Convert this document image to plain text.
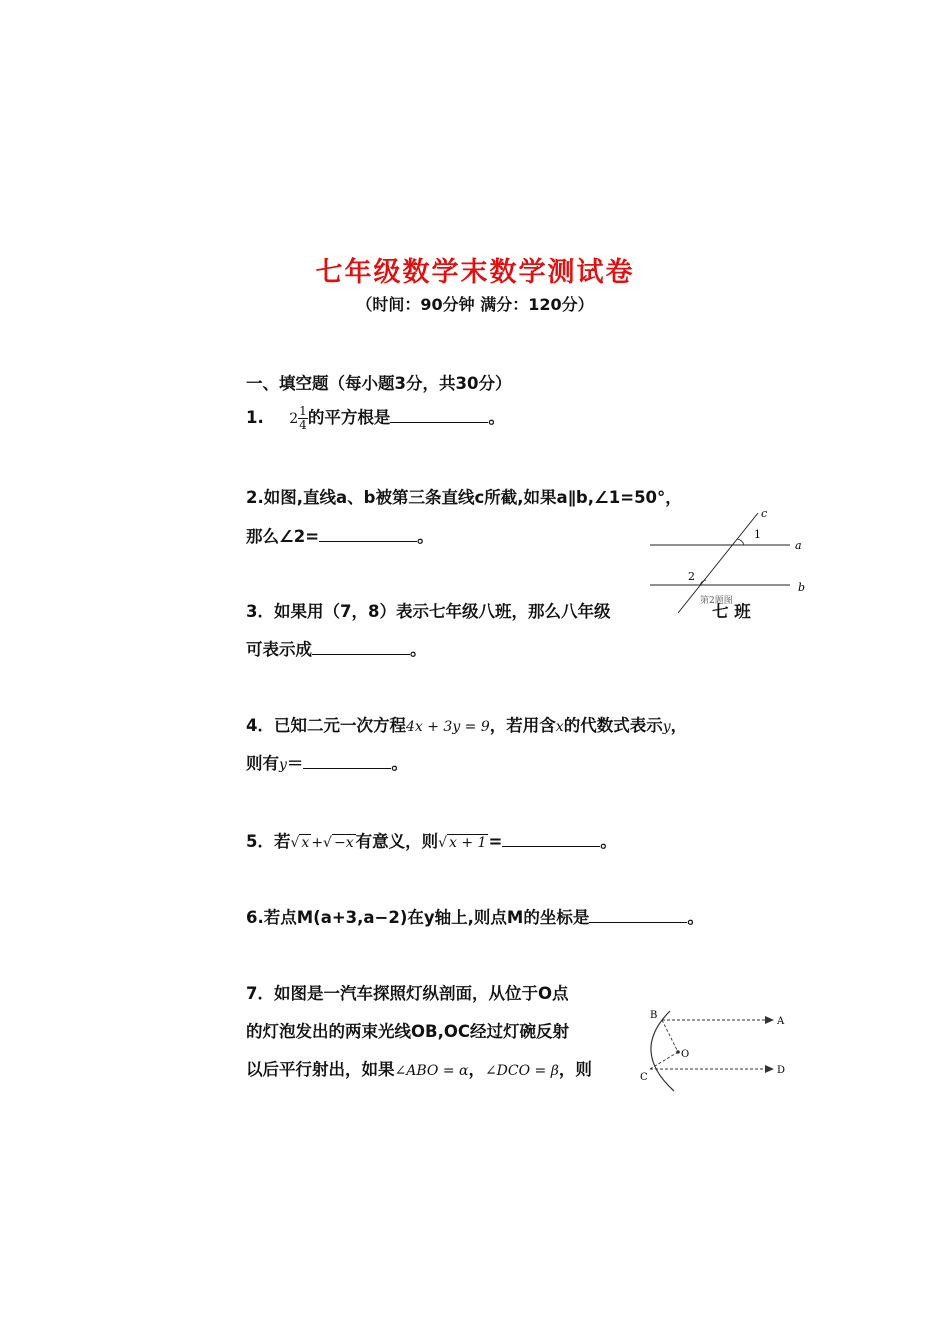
七年级数学末数学测试卷
（时间：90分钟 满分：120分）
一、填空题（每小题3分，共30分）
1. $2 \frac{1}{4}$ 的平方根是	。
2.如图,直线a、b被第三条直线c所截,如果a∥b,∠1=50°，
那么∠2=	。
c
1
a
2
b
第2题图
3．如果用（7，8）表示七年级八班，那么八年级	七 班
可表示成	。
4．已知二元一次方程4x + 3y = 9，若用含x的代数式表示y，
则有y＝	。
5．若√ x +√ −x 有意义，则√ x + 1 =	。
6.若点M(a+3,a−2)在y轴上,则点M的坐标是	。
7．如图是一汽车探照灯纵剖面，从位于O点
的灯泡发出的两束光线OB,OC经过灯碗反射
以后平行射出，如果∠ABO = α，∠DCO = β，则
B
A
O
C
D
